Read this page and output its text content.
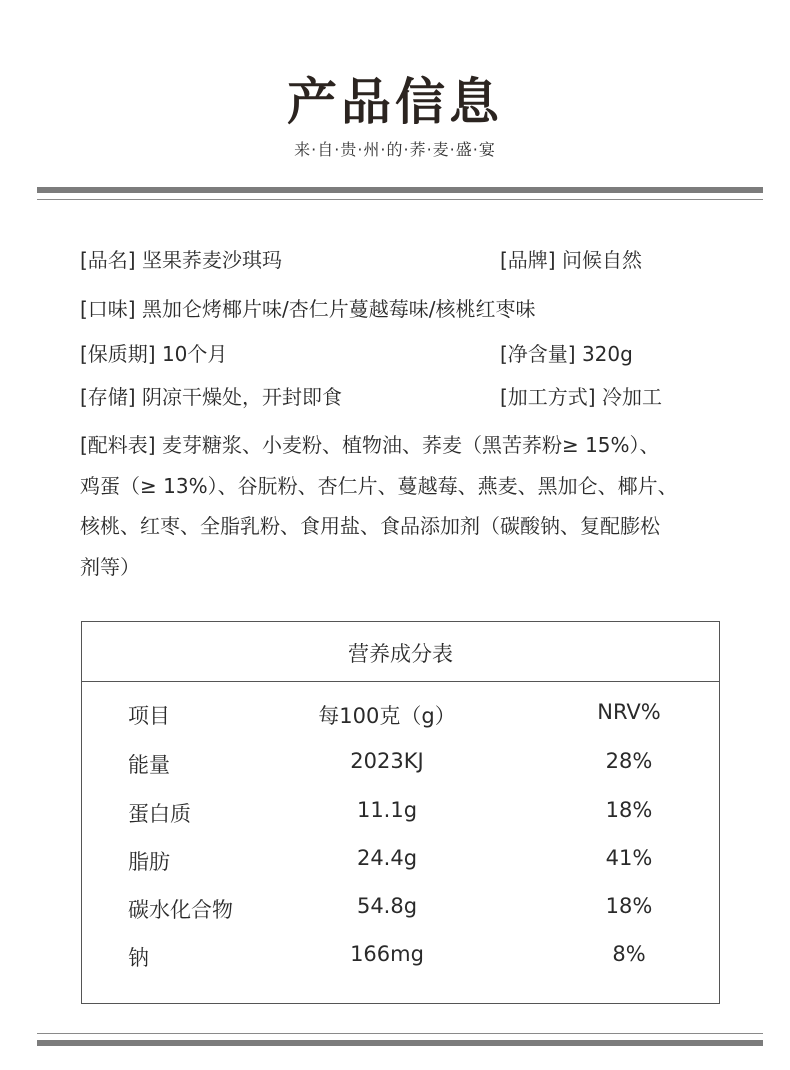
产品信息
来·自·贵·州·的·荞·麦·盛·宴
[品名] 坚果荞麦沙琪玛	[品牌] 问候自然
[口味] 黑加仑烤椰片味/杏仁片蔓越莓味/核桃红枣味
[保质期] 10个月	[净含量] 320g
[存储] 阴凉干燥处，开封即食	[加工方式] 冷加工
[配料表] 麦芽糖浆、小麦粉、植物油、荞麦（黑苦荞粉≥ 15%）、
鸡蛋（≥ 13%）、谷朊粉、杏仁片、蔓越莓、燕麦、黑加仑、椰片、
核桃、红枣、全脂乳粉、食用盐、食品添加剂（碳酸钠、复配膨松
剂等）
营养成分表
项目	每100克（g）	NRV%
能量	2023KJ	28%
蛋白质	11.1g	18%
脂肪	24.4g	41%
碳水化合物	54.8g	18%
钠	166mg	8%
